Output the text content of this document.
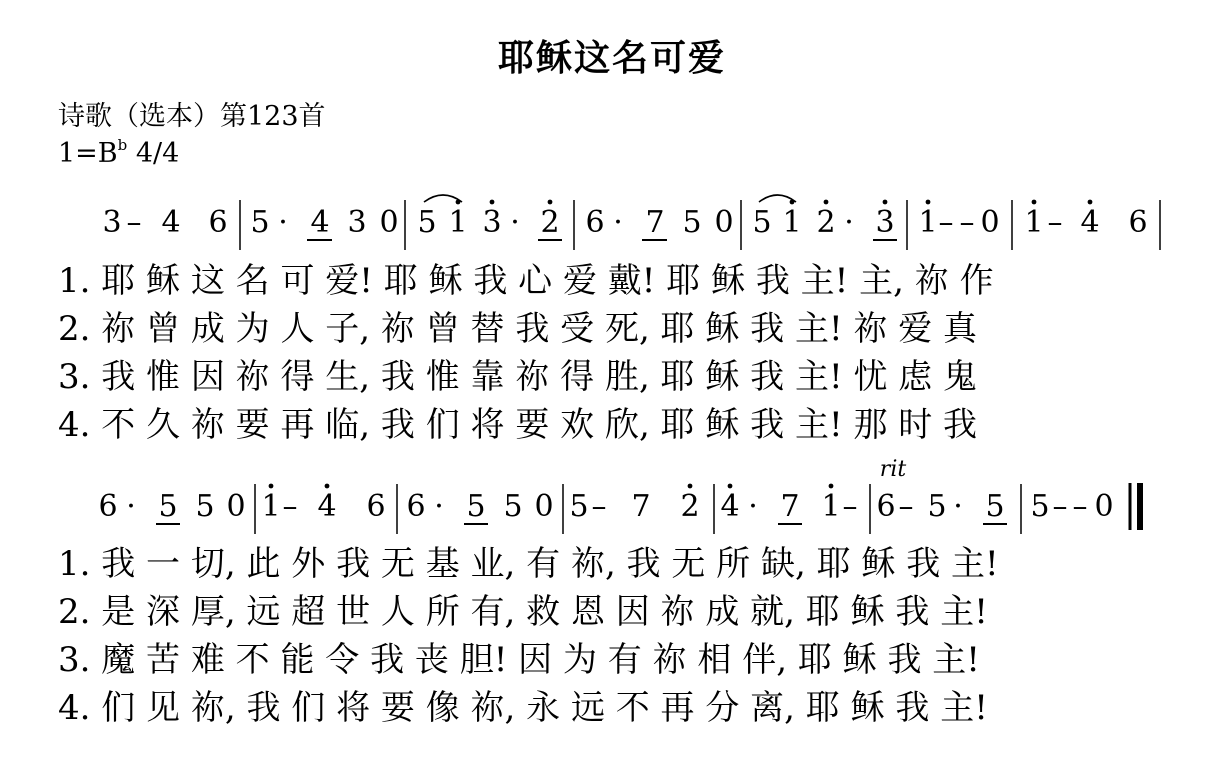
耶稣这名可爱
诗歌（选本）第123首
$1=B^b$ 4/4
3 – 4 6 5 · 4 3 0 5 1 3 · 2 6 · 7 5 0 5 1 2 · 3 1 – – 0 1 – 4 6
6 · 5 5 0 1 – 4 6 6 · 5 5 0 5 – 7 2 4 · 7 1 – 6 – 5 · 5 5 – – 0
rit
1. 耶 稣 这 名 可 爱! 耶 稣 我 心 爱 戴! 耶 稣 我 主! 主, 祢 作
2. 祢 曾 成 为 人 子, 祢 曾 替 我 受 死, 耶 稣 我 主! 祢 爱 真
3. 我 惟 因 祢 得 生, 我 惟 靠 祢 得 胜, 耶 稣 我 主! 忧 虑 鬼
4. 不 久 祢 要 再 临, 我 们 将 要 欢 欣, 耶 稣 我 主! 那 时 我
1. 我 一 切, 此 外 我 无 基 业, 有 祢, 我 无 所 缺, 耶 稣 我 主!
2. 是 深 厚, 远 超 世 人 所 有, 救 恩 因 祢 成 就, 耶 稣 我 主!
3. 魔 苦 难 不 能 令 我 丧 胆! 因 为 有 祢 相 伴, 耶 稣 我 主!
4. 们 见 祢, 我 们 将 要 像 祢, 永 远 不 再 分 离, 耶 稣 我 主!
